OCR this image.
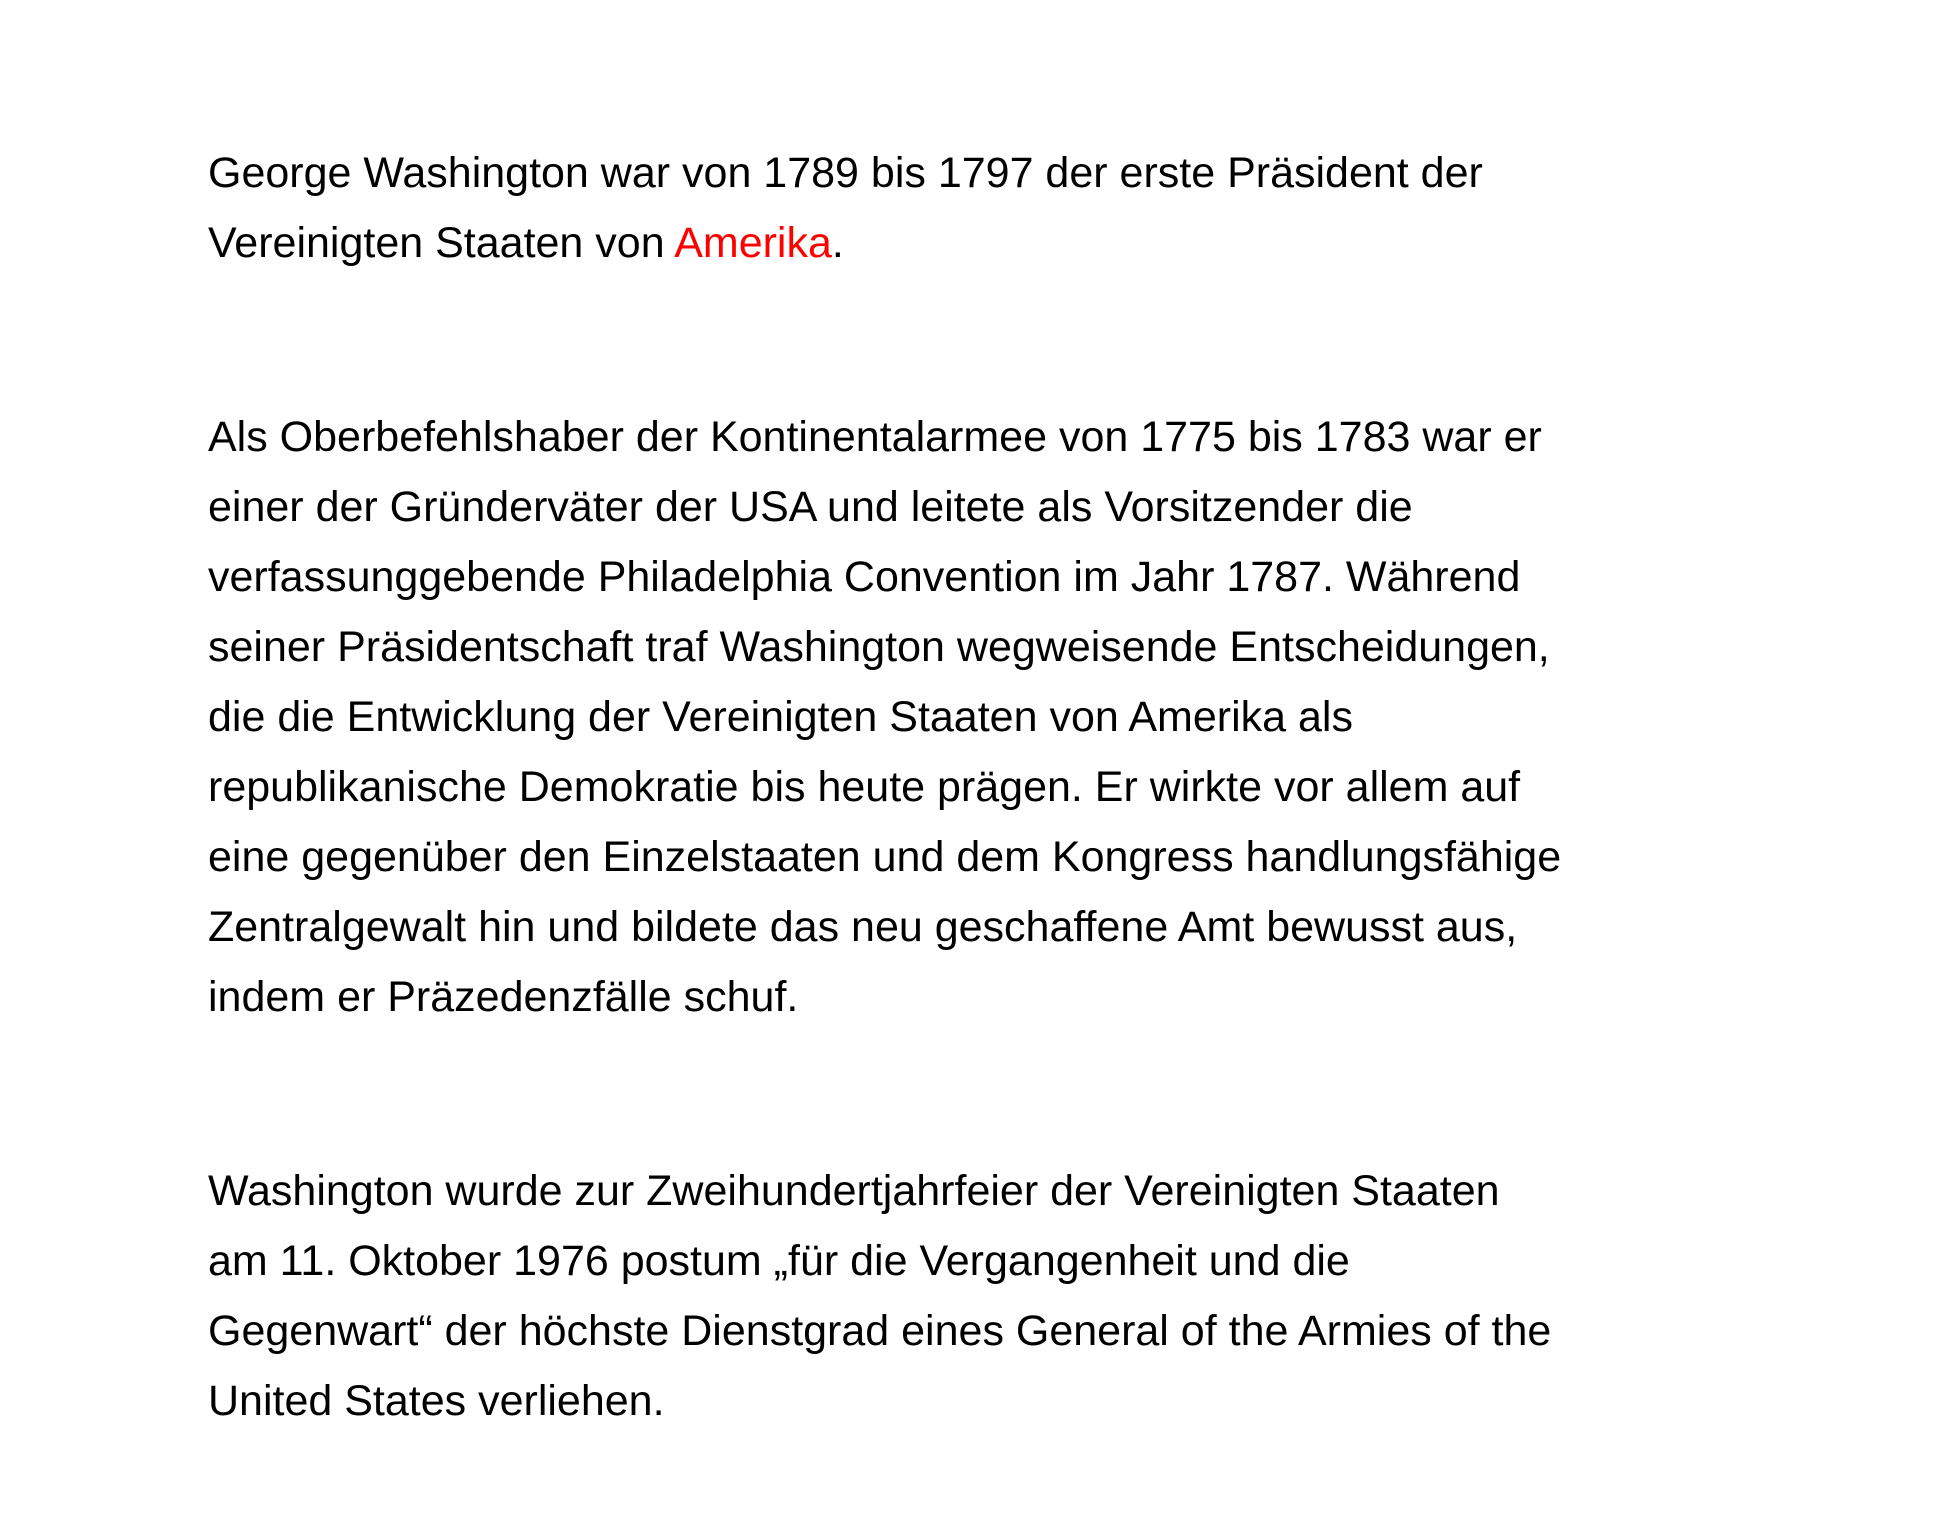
George Washington war von 1789 bis 1797 der erste Präsident der
Vereinigten Staaten von Amerika.
Als Oberbefehlshaber der Kontinentalarmee von 1775 bis 1783 war er
einer der Gründerväter der USA und leitete als Vorsitzender die
verfassunggebende Philadelphia Convention im Jahr 1787. Während
seiner Präsidentschaft traf Washington wegweisende Entscheidungen,
die die Entwicklung der Vereinigten Staaten von Amerika als
republikanische Demokratie bis heute prägen. Er wirkte vor allem auf
eine gegenüber den Einzelstaaten und dem Kongress handlungsfähige
Zentralgewalt hin und bildete das neu geschaffene Amt bewusst aus,
indem er Präzedenzfälle schuf.
Washington wurde zur Zweihundertjahrfeier der Vereinigten Staaten
am 11. Oktober 1976 postum „für die Vergangenheit und die
Gegenwart“ der höchste Dienstgrad eines General of the Armies of the
United States verliehen.
